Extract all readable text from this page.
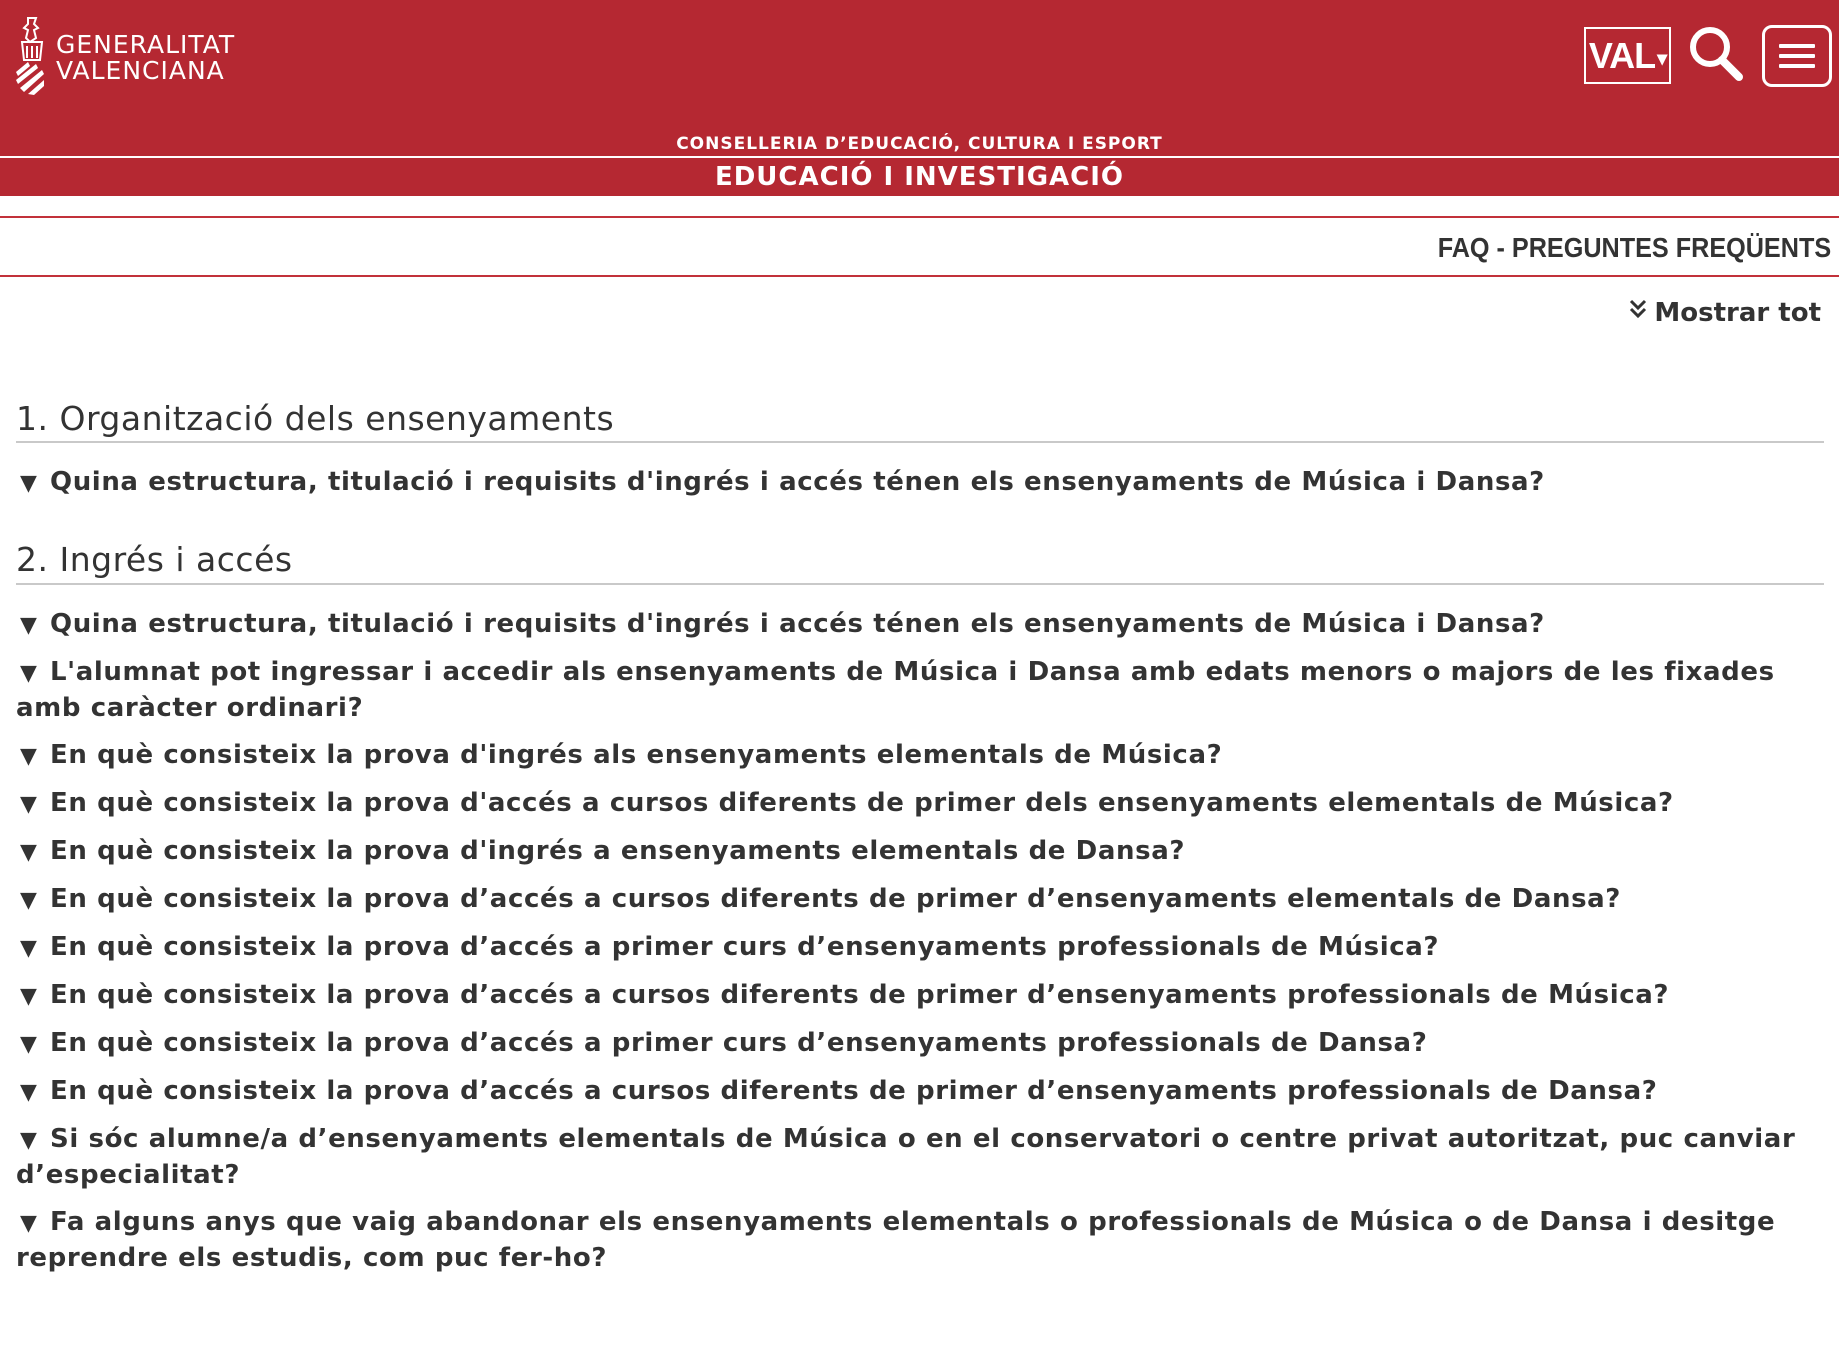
GENERALITAT
VALENCIANA	VAL ▾
CONSELLERIA D’EDUCACIÓ, CULTURA I ESPORT
EDUCACIÓ I INVESTIGACIÓ
FAQ - PREGUNTES FREQÜENTS
Mostrar tot
1. Organització dels ensenyaments
▼ Quina estructura, titulació i requisits d'ingrés i accés ténen els ensenyaments de Música i Dansa?
2. Ingrés i accés
▼ Quina estructura, titulació i requisits d'ingrés i accés ténen els ensenyaments de Música i Dansa?
▼ L'alumnat pot ingressar i accedir als ensenyaments de Música i Dansa amb edats menors o majors de les fixades amb caràcter ordinari?
▼ En què consisteix la prova d'ingrés als ensenyaments elementals de Música?
▼ En què consisteix la prova d'accés a cursos diferents de primer dels ensenyaments elementals de Música?
▼ En què consisteix la prova d'ingrés a ensenyaments elementals de Dansa?
▼ En què consisteix la prova d’accés a cursos diferents de primer d’ensenyaments elementals de Dansa?
▼ En què consisteix la prova d’accés a primer curs d’ensenyaments professionals de Música?
▼ En què consisteix la prova d’accés a cursos diferents de primer d’ensenyaments professionals de Música?
▼ En què consisteix la prova d’accés a primer curs d’ensenyaments professionals de Dansa?
▼ En què consisteix la prova d’accés a cursos diferents de primer d’ensenyaments professionals de Dansa?
▼ Si sóc alumne/a d’ensenyaments elementals de Música o en el conservatori o centre privat autoritzat, puc canviar d’especialitat?
▼ Fa alguns anys que vaig abandonar els ensenyaments elementals o professionals de Música o de Dansa i desitge reprendre els estudis, com puc fer-ho?
